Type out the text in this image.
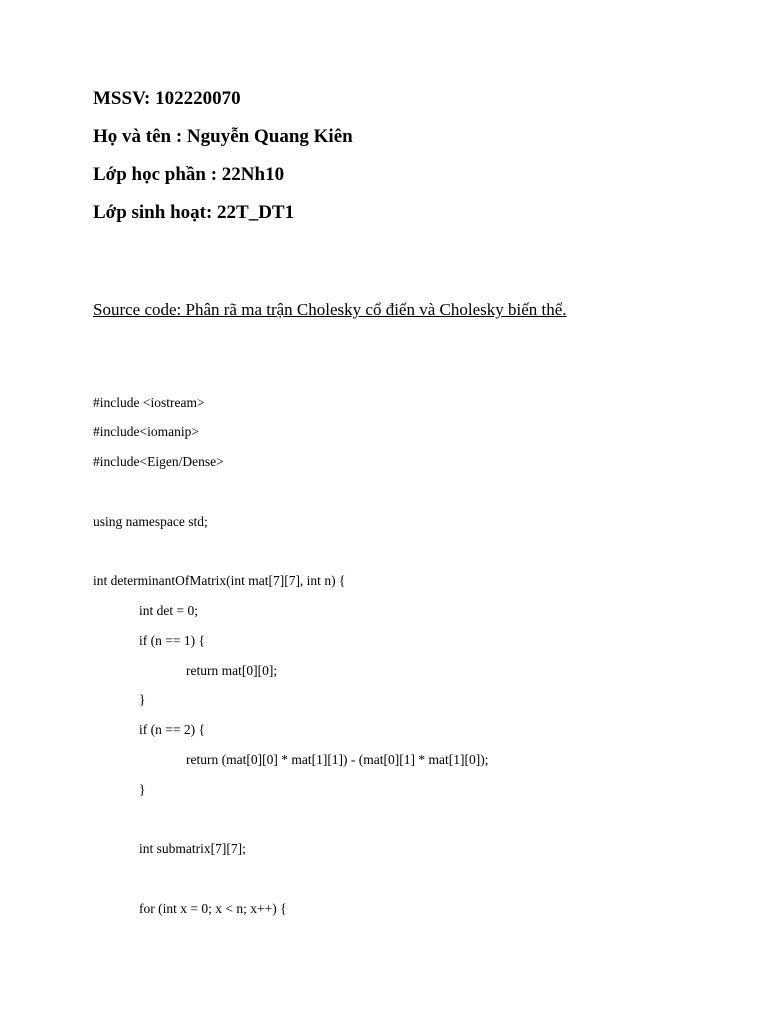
MSSV: 102220070
Họ và tên : Nguyễn Quang Kiên
Lớp học phần : 22Nh10
Lớp sinh hoạt: 22T_DT1
Source code: Phân rã ma trận Cholesky cổ điển và Cholesky biến thể.
#include <iostream>
#include<iomanip>
#include<Eigen/Dense>
using namespace std;
int determinantOfMatrix(int mat[7][7], int n) {
int det = 0;
if (n == 1) {
return mat[0][0];
}
if (n == 2) {
return (mat[0][0] * mat[1][1]) - (mat[0][1] * mat[1][0]);
}
int submatrix[7][7];
for (int x = 0; x < n; x++) {
